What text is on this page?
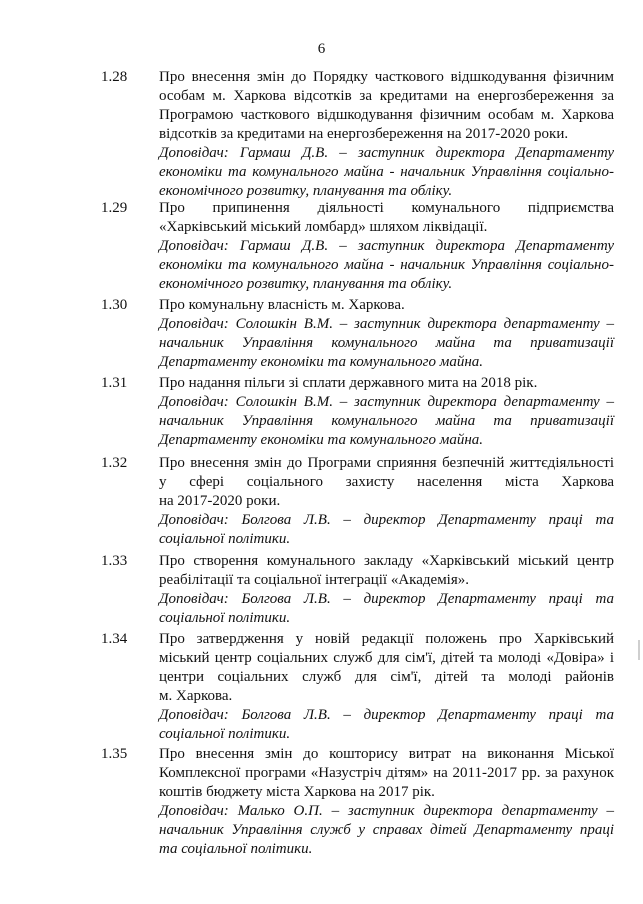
6
1.28 Про внесення змін до Порядку часткового відшкодування фізичним особам м. Харкова відсотків за кредитами на енергозбереження за Програмою часткового відшкодування фізичним особам м. Харкова відсотків за кредитами на енергозбереження на 2017-2020 роки.
Доповідач: Гармаш Д.В. – заступник директора Департаменту економіки та комунального майна - начальник Управління соціально-економічного розвитку, планування та обліку.
1.29 Про припинення діяльності комунального підприємства
«Харківський міський ломбард» шляхом ліквідації.
Доповідач: Гармаш Д.В. – заступник директора Департаменту економіки та комунального майна - начальник Управління соціально-економічного розвитку, планування та обліку.
1.30 Про комунальну власність м. Харкова.
Доповідач: Солошкін В.М. – заступник директора департаменту –
начальник Управління комунального майна та приватизації
Департаменту економіки та комунального майна.
1.31 Про надання пільги зі сплати державного мита на 2018 рік.
Доповідач: Солошкін В.М. – заступник директора департаменту –
начальник Управління комунального майна та приватизації
Департаменту економіки та комунального майна.
1.32 Про внесення змін до Програми сприяння безпечній життєдіяльності
у сфері соціального захисту населення міста Харкова
на 2017-2020 роки.
Доповідач: Болгова Л.В. – директор Департаменту праці та
соціальної політики.
1.33 Про створення комунального закладу «Харківський міський центр
реабілітації та соціальної інтеграції «Академія».
Доповідач: Болгова Л.В. – директор Департаменту праці та
соціальної політики.
1.34 Про затвердження у новій редакції положень про Харківський
міський центр соціальних служб для сім'ї, дітей та молоді «Довіра» і
центри соціальних служб для сім'ї, дітей та молоді районів
м. Харкова.
Доповідач: Болгова Л.В. – директор Департаменту праці та
соціальної політики.
1.35 Про внесення змін до кошторису витрат на виконання Міської
Комплексної програми «Назустріч дітям» на 2011-2017 рр. за рахунок
коштів бюджету міста Харкова на 2017 рік.
Доповідач: Малько О.П. – заступник директора департаменту –
начальник Управління служб у справах дітей Департаменту праці
та соціальної політики.
